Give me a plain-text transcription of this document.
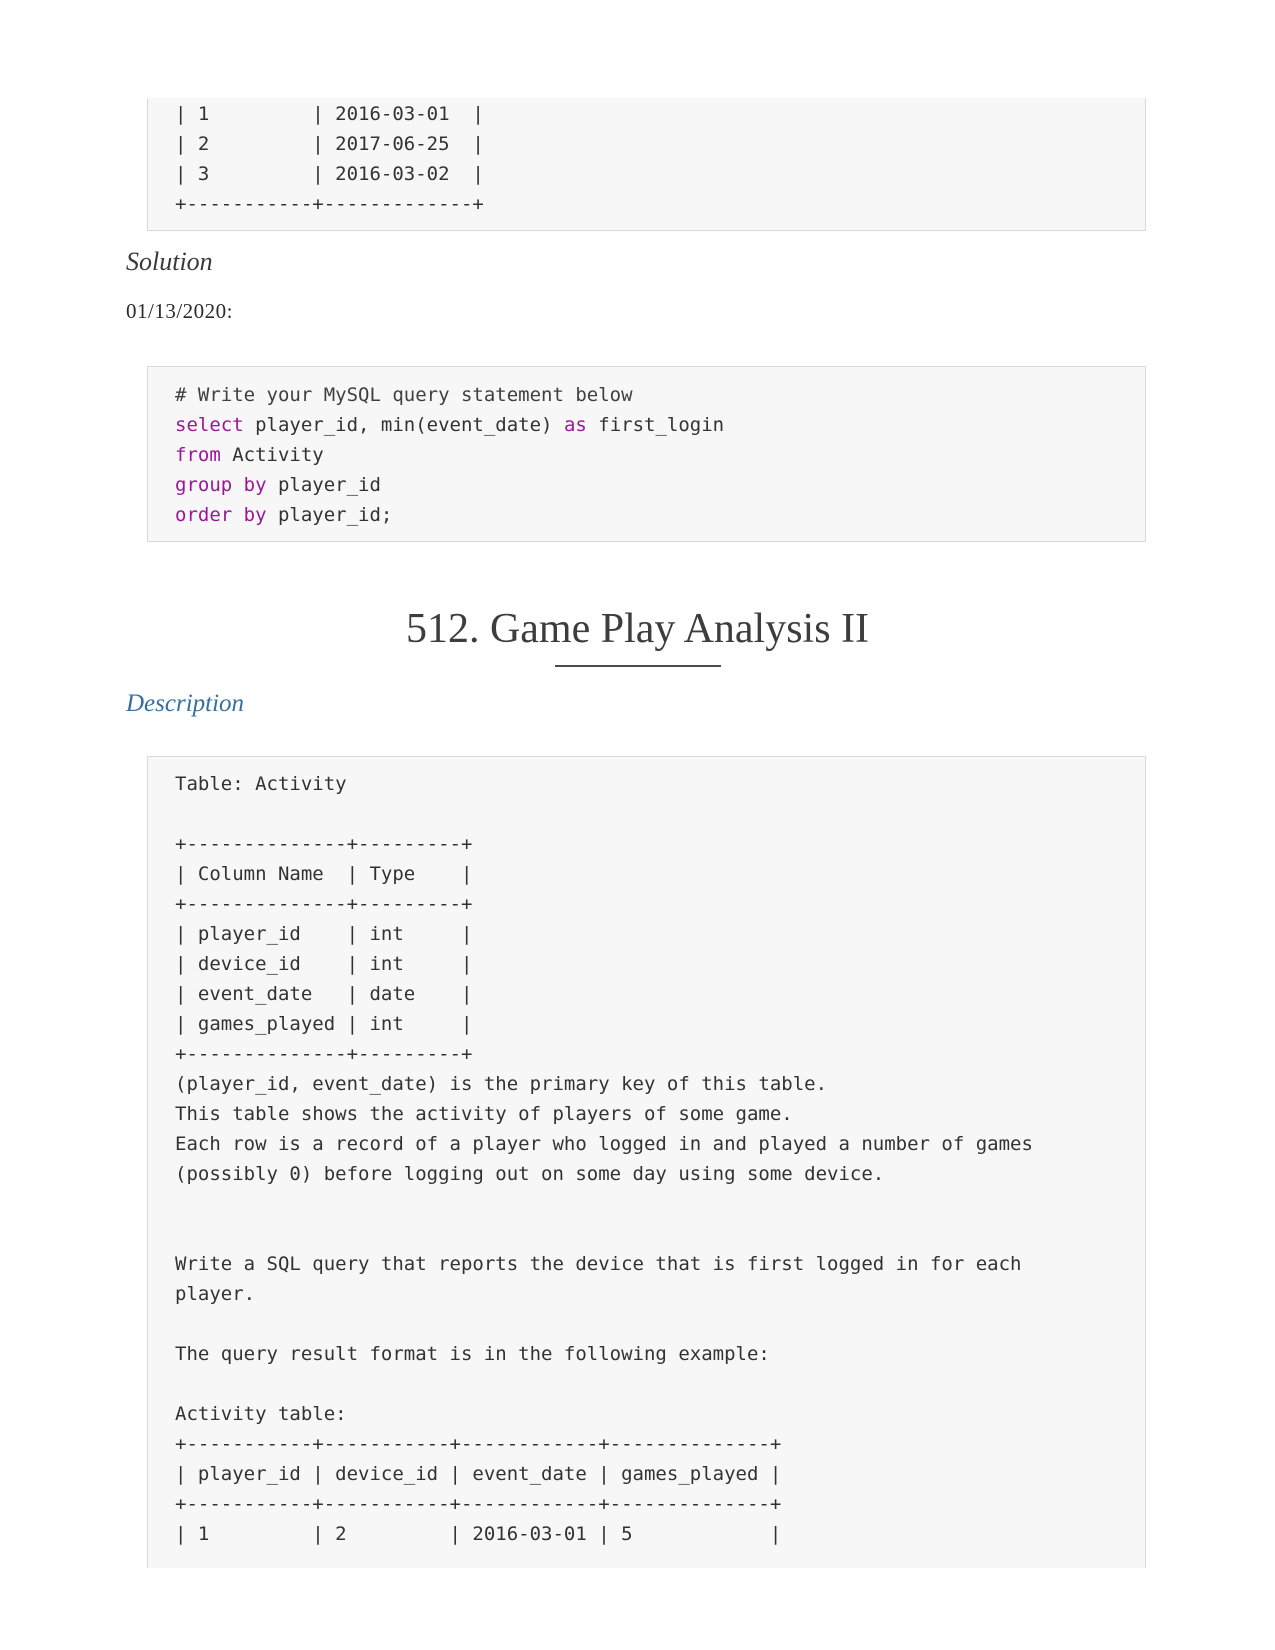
| 1         | 2016-03-01  |
| 2         | 2017-06-25  |
| 3         | 2016-03-02  |
+-----------+-------------+
Solution
01/13/2020:
# Write your MySQL query statement below
select player_id, min(event_date) as first_login
from Activity
group by player_id
order by player_id;
512. Game Play Analysis II
Description
Table: Activity

+--------------+---------+
| Column Name  | Type    |
+--------------+---------+
| player_id    | int     |
| device_id    | int     |
| event_date   | date    |
| games_played | int     |
+--------------+---------+
(player_id, event_date) is the primary key of this table.
This table shows the activity of players of some game.
Each row is a record of a player who logged in and played a number of games
(possibly 0) before logging out on some day using some device.

Write a SQL query that reports the device that is first logged in for each
player.

The query result format is in the following example:

Activity table:
+-----------+-----------+------------+--------------+
| player_id | device_id | event_date | games_played |
+-----------+-----------+------------+--------------+
| 1         | 2         | 2016-03-01 | 5            |
